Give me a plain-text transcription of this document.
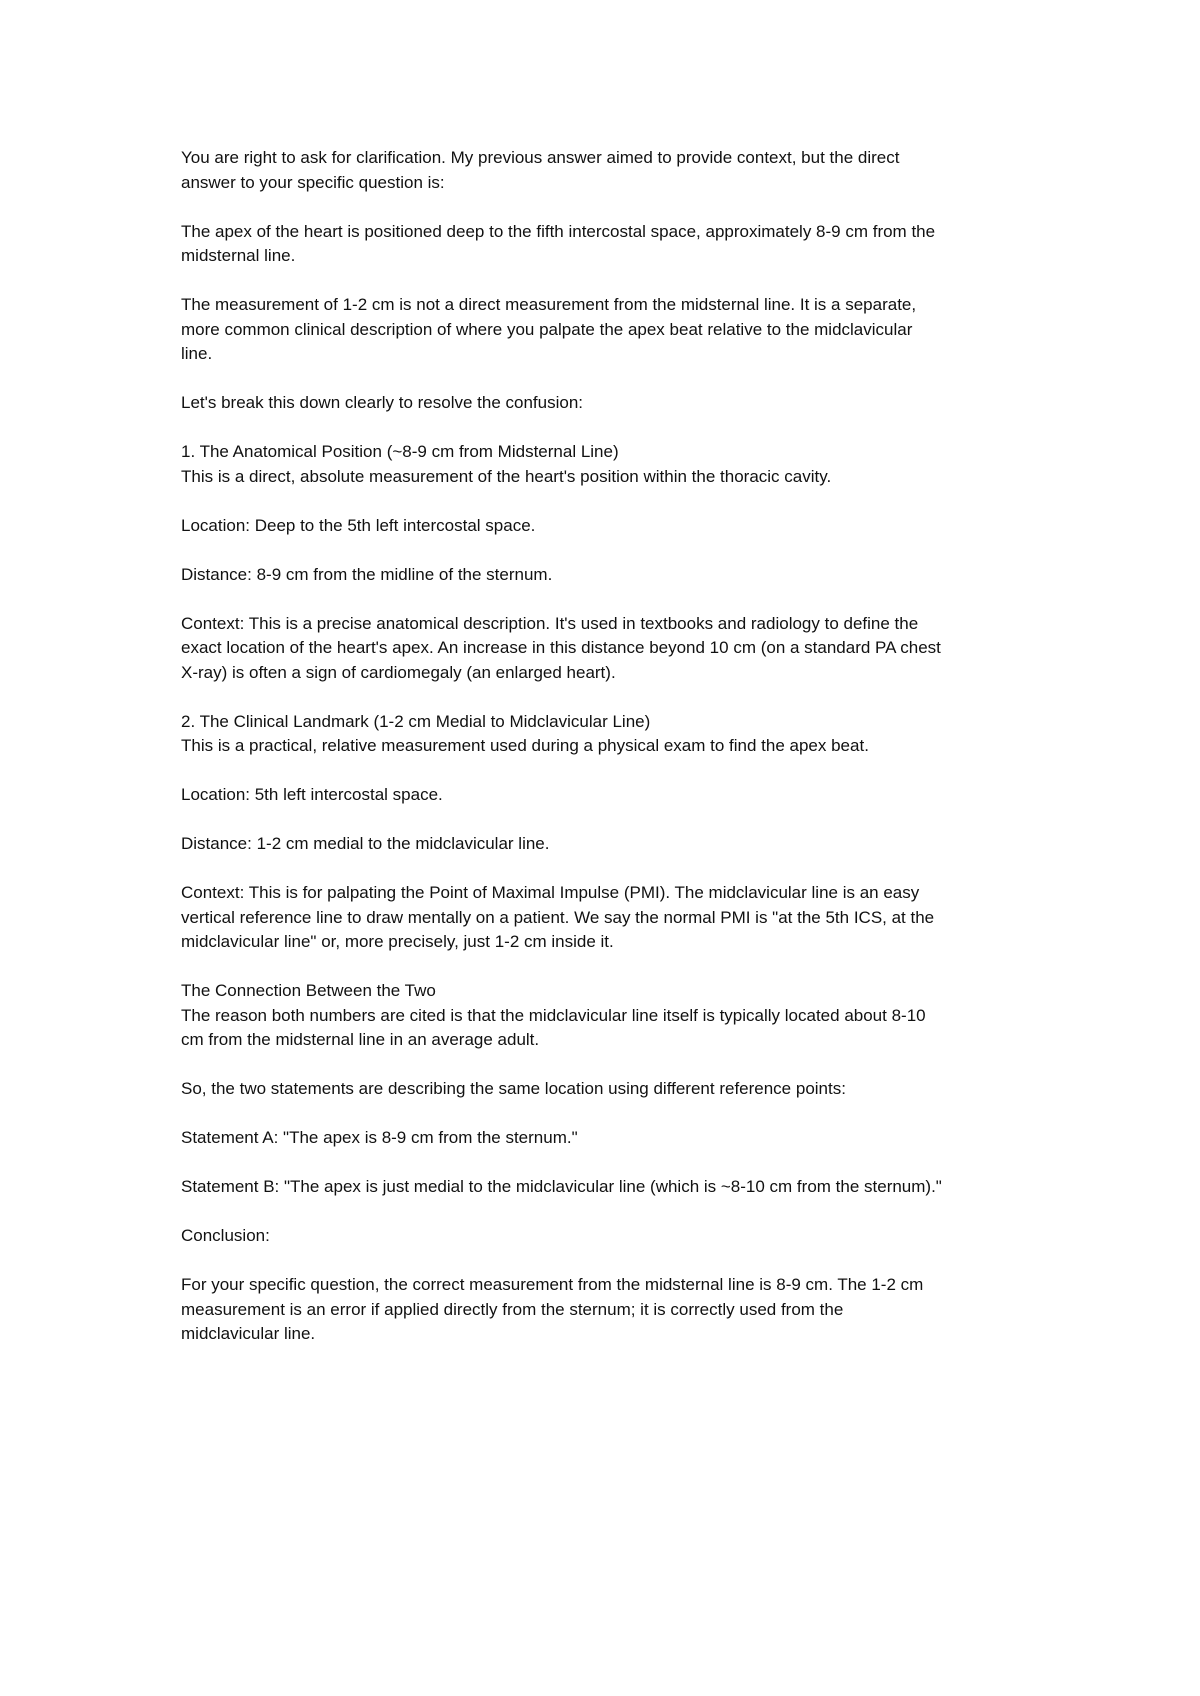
You are right to ask for clarification. My previous answer aimed to provide context, but the direct
answer to your specific question is:

The apex of the heart is positioned deep to the fifth intercostal space, approximately 8-9 cm from the
midsternal line.

The measurement of 1-2 cm is not a direct measurement from the midsternal line. It is a separate,
more common clinical description of where you palpate the apex beat relative to the midclavicular
line.

Let's break this down clearly to resolve the confusion:

1. The Anatomical Position (~8-9 cm from Midsternal Line)
This is a direct, absolute measurement of the heart's position within the thoracic cavity.

Location: Deep to the 5th left intercostal space.

Distance: 8-9 cm from the midline of the sternum.

Context: This is a precise anatomical description. It's used in textbooks and radiology to define the
exact location of the heart's apex. An increase in this distance beyond 10 cm (on a standard PA chest
X-ray) is often a sign of cardiomegaly (an enlarged heart).

2. The Clinical Landmark (1-2 cm Medial to Midclavicular Line)
This is a practical, relative measurement used during a physical exam to find the apex beat.

Location: 5th left intercostal space.

Distance: 1-2 cm medial to the midclavicular line.

Context: This is for palpating the Point of Maximal Impulse (PMI). The midclavicular line is an easy
vertical reference line to draw mentally on a patient. We say the normal PMI is "at the 5th ICS, at the
midclavicular line" or, more precisely, just 1-2 cm inside it.

The Connection Between the Two
The reason both numbers are cited is that the midclavicular line itself is typically located about 8-10
cm from the midsternal line in an average adult.

So, the two statements are describing the same location using different reference points:

Statement A: "The apex is 8-9 cm from the sternum."

Statement B: "The apex is just medial to the midclavicular line (which is ~8-10 cm from the sternum)."

Conclusion:

For your specific question, the correct measurement from the midsternal line is 8-9 cm. The 1-2 cm
measurement is an error if applied directly from the sternum; it is correctly used from the
midclavicular line.
